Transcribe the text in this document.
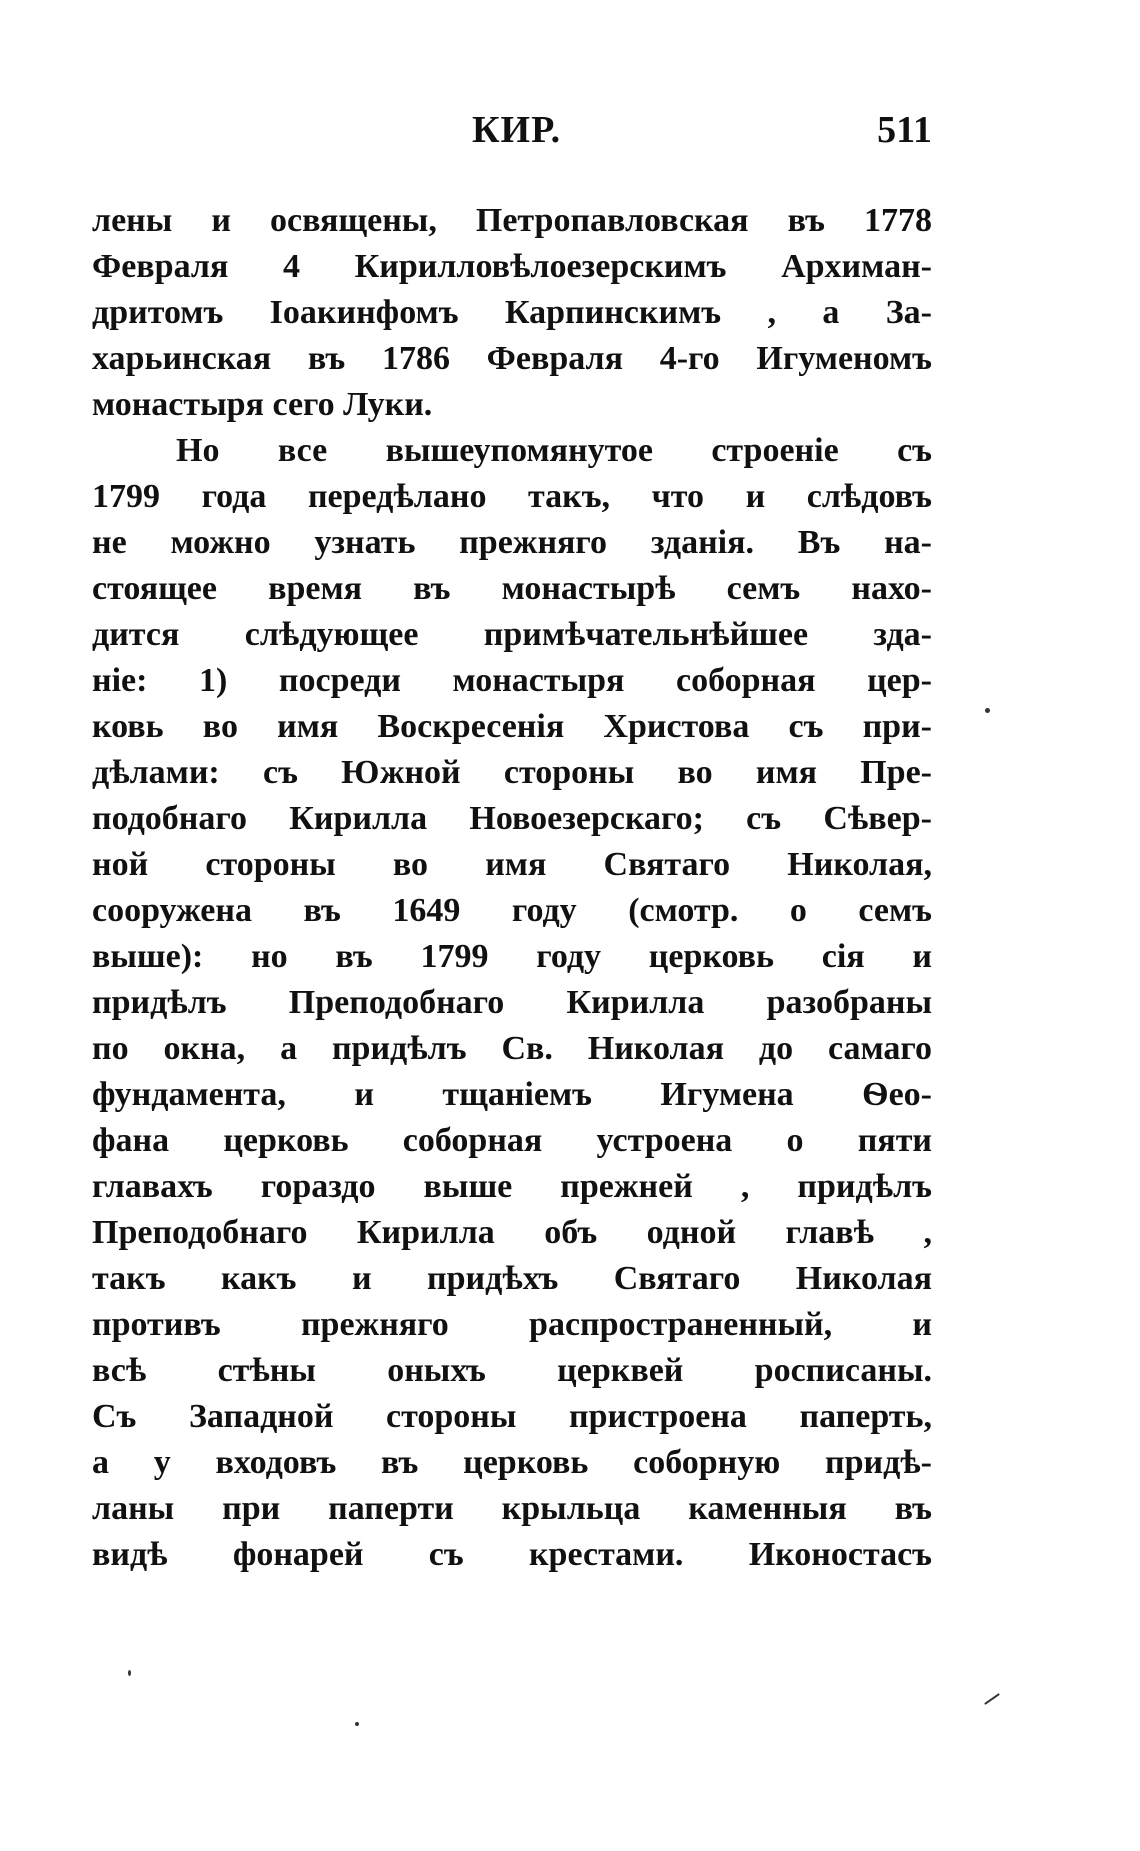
КИР.	511
лены и освящены, Петропавловская въ 1778
Февраля 4 Кирилловѣлоезерскимъ Архиман-
дритомъ Іоакинфомъ Карпинскимъ , а За-
харьинская въ 1786 Февраля 4-го Игуменомъ
монастыря сего Луки.
Но все вышеупомянутое строеніе съ
1799 года передѣлано такъ, что и слѣдовъ
не можно узнать прежняго зданія. Въ на-
стоящее время въ монастырѣ семъ нахо-
дится слѣдующее примѣчательнѣйшее зда-
ніе: 1) посреди монастыря соборная цер-
ковь во имя Воскресенія Христова съ при-
дѣлами: съ Южной стороны во имя Пре-
подобнаго Кирилла Новоезерскаго; съ Сѣвер-
ной стороны во имя Святаго Николая,
сооружена въ 1649 году (смотр. о семъ
выше): но въ 1799 году церковь сія и
придѣлъ Преподобнаго Кирилла разобраны
по окна, а придѣлъ Св. Николая до самаго
фундамента, и тщаніемъ Игумена Ѳео-
фана церковь соборная устроена о пяти
главахъ гораздо выше прежней , придѣлъ
Преподобнаго Кирилла объ одной главѣ ,
такъ какъ и придѣхъ Святаго Николая
противъ прежняго распространенный, и
всѣ стѣны оныхъ церквей росписаны.
Съ Западной стороны пристроена паперть,
а у входовъ въ церковь соборную придѣ-
ланы при паперти крыльца каменныя въ
видѣ фонарей съ крестами. Иконостасъ
